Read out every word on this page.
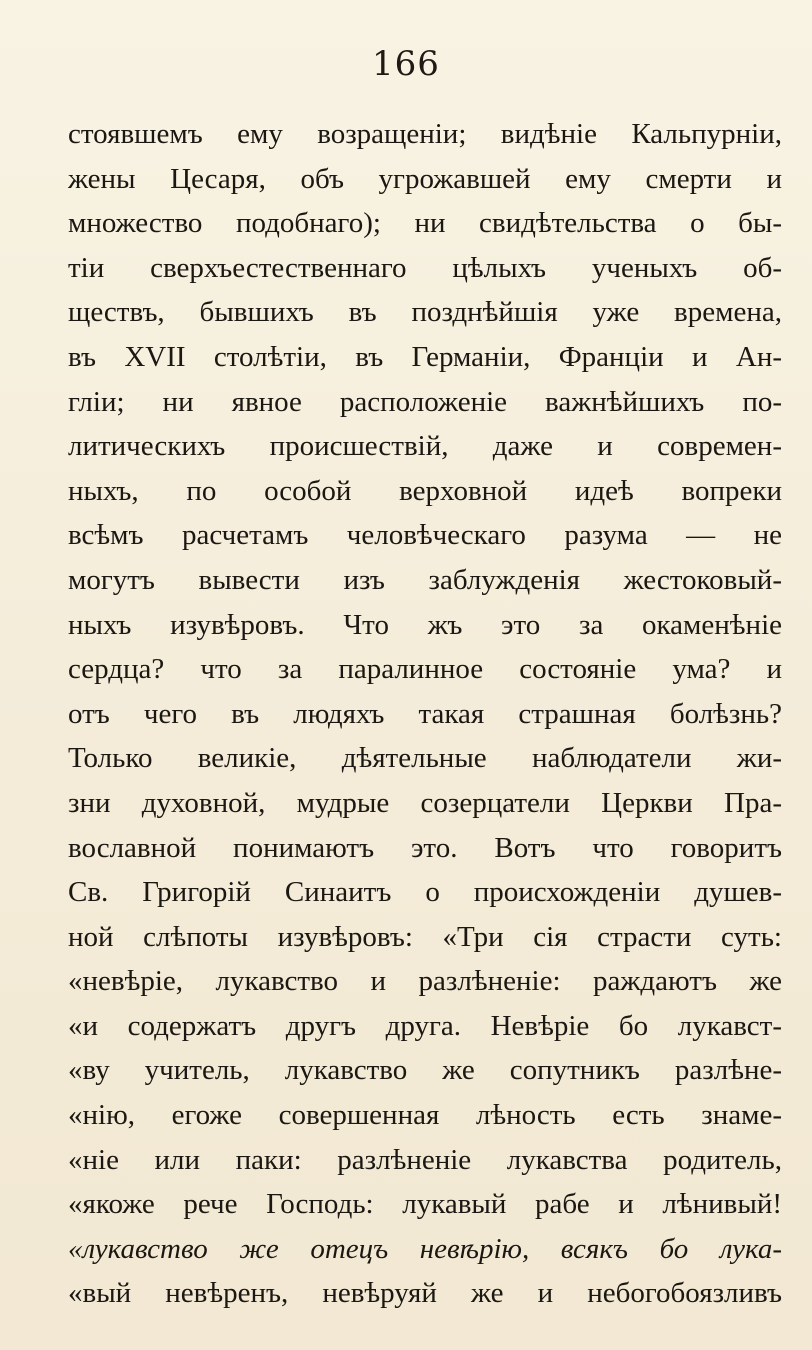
166
стоявшемъ ему возращеніи; видѣніе Кальпурніи,
жены Цесаря, объ угрожавшей ему смерти и
множество подобнаго); ни свидѣтельства о бы-
тіи сверхъестественнаго цѣлыхъ ученыхъ об-
ществъ, бывшихъ въ позднѣйшія уже времена,
въ XVII столѣтіи, въ Германіи, Франціи и Ан-
гліи; ни явное расположеніе важнѣйшихъ по-
литическихъ происшествій, даже и современ-
ныхъ, по особой верховной идеѣ вопреки
всѣмъ расчетамъ человѣческаго разума — не
могутъ вывести изъ заблужденія жестоковый-
ныхъ изувѣровъ. Что жъ это за окаменѣніе
сердца? что за паралинное состояніе ума? и
отъ чего въ людяхъ такая страшная болѣзнь?
Только великіе, дѣятельные наблюдатели жи-
зни духовной, мудрые созерцатели Церкви Пра-
вославной понимаютъ это. Вотъ что говоритъ
Св. Григорій Синаитъ о происхожденіи душев-
ной слѣпоты изувѣровъ: «Три сія страсти суть:
«невѣріе, лукавство и разлѣненіе: раждаютъ же
«и содержатъ другъ друга. Невѣріе бо лукавст-
«ву учитель, лукавство же сопутникъ разлѣне-
«нію, егоже совершенная лѣность есть знаме-
«ніе или паки: разлѣненіе лукавства родитель,
«якоже рече Господь: лукавый рабе и лѣнивый!
«лукавство же отецъ невѣрію, всякъ бо лука-
«вый невѣренъ, невѣруяй же и небогобоязливъ
